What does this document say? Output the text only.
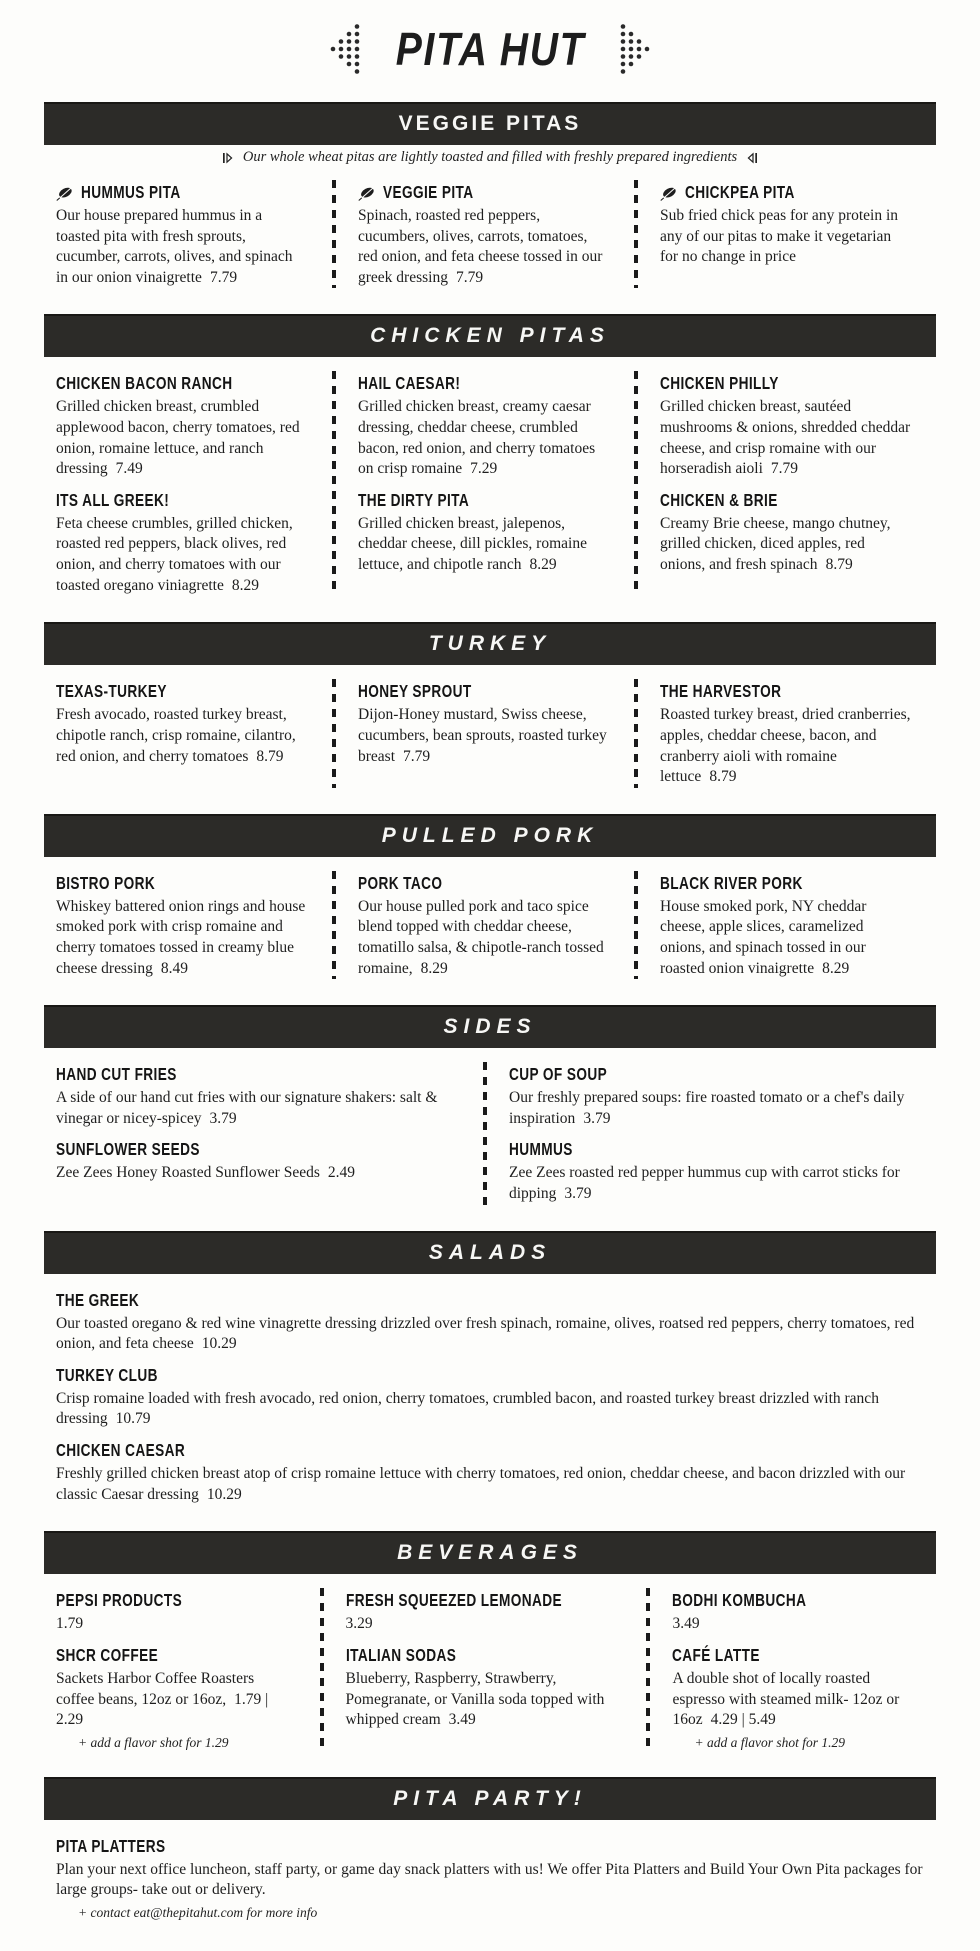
PITA HUT
VEGGIE PITAS
Our whole wheat pitas are lightly toasted and filled with freshly prepared ingredients
HUMMUS PITA

Our house prepared hummus in a toasted pita with fresh sprouts, cucumber, carrots, olives, and spinach in our onion vinaigrette 7.79

VEGGIE PITA

Spinach, roasted red peppers, cucumbers, olives, carrots, tomatoes, red onion, and feta cheese tossed in our greek dressing 7.79

CHICKPEA PITA

Sub fried chick peas for any protein in any of our pitas to make it vegetarian for no change in price

CHICKEN PITAS
CHICKEN BACON RANCH

Grilled chicken breast, crumbled applewood bacon, cherry tomatoes, red onion, romaine lettuce, and ranch dressing 7.49

ITS ALL GREEK!

Feta cheese crumbles, grilled chicken, roasted red peppers, black olives, red onion, and cherry tomatoes with our toasted oregano viniagrette 8.29

HAIL CAESAR!

Grilled chicken breast, creamy caesar dressing, cheddar cheese, crumbled bacon, red onion, and cherry tomatoes on crisp romaine 7.29

THE DIRTY PITA

Grilled chicken breast, jalepenos, cheddar cheese, dill pickles, romaine lettuce, and chipotle ranch 8.29

CHICKEN PHILLY

Grilled chicken breast, sautéed mushrooms & onions, shredded cheddar cheese, and crisp romaine with our horseradish aioli 7.79

CHICKEN & BRIE

Creamy Brie cheese, mango chutney, grilled chicken, diced apples, red onions, and fresh spinach 8.79

TURKEY
TEXAS-TURKEY

Fresh avocado, roasted turkey breast, chipotle ranch, crisp romaine, cilantro, red onion, and cherry tomatoes 8.79

HONEY SPROUT

Dijon-Honey mustard, Swiss cheese, cucumbers, bean sprouts, roasted turkey breast 7.79

THE HARVESTOR

Roasted turkey breast, dried cranberries, apples, cheddar cheese, bacon, and cranberry aioli with romaine lettuce 8.79

PULLED PORK
BISTRO PORK

Whiskey battered onion rings and house smoked pork with crisp romaine and cherry tomatoes tossed in creamy blue cheese dressing 8.49

PORK TACO

Our house pulled pork and taco spice blend topped with cheddar cheese, tomatillo salsa, & chipotle-ranch tossed romaine, 8.29

BLACK RIVER PORK

House smoked pork, NY cheddar cheese, apple slices, caramelized onions, and spinach tossed in our roasted onion vinaigrette 8.29

SIDES
HAND CUT FRIES

A side of our hand cut fries with our signature shakers: salt & vinegar or nicey-spicey 3.79

SUNFLOWER SEEDS

Zee Zees Honey Roasted Sunflower Seeds 2.49

CUP OF SOUP

Our freshly prepared soups: fire roasted tomato or a chef's daily inspiration 3.79

HUMMUS

Zee Zees roasted red pepper hummus cup with carrot sticks for dipping 3.79

SALADS
THE GREEK

Our toasted oregano & red wine vinagrette dressing drizzled over fresh spinach, romaine, olives, roatsed red peppers, cherry tomatoes, red onion, and feta cheese 10.29

TURKEY CLUB

Crisp romaine loaded with fresh avocado, red onion, cherry tomatoes, crumbled bacon, and roasted turkey breast drizzled with ranch dressing 10.79

CHICKEN CAESAR

Freshly grilled chicken breast atop of crisp romaine lettuce with cherry tomatoes, red onion, cheddar cheese, and bacon drizzled with our classic Caesar dressing 10.29

BEVERAGES
PEPSI PRODUCTS

1.79

SHCR COFFEE

Sackets Harbor Coffee Roasters coffee beans, 12oz or 16oz, 1.79 | 2.29

+ add a flavor shot for 1.29

FRESH SQUEEZED LEMONADE

3.29

ITALIAN SODAS

Blueberry, Raspberry, Strawberry, Pomegranate, or Vanilla soda topped with whipped cream 3.49

BODHI KOMBUCHA

3.49

CAFÉ LATTE

A double shot of locally roasted espresso with steamed milk- 12oz or 16oz 4.29 | 5.49

+ add a flavor shot for 1.29

PITA PARTY!
PITA PLATTERS

Plan your next office luncheon, staff party, or game day snack platters with us! We offer Pita Platters and Build Your Own Pita packages for large groups- take out or delivery.

+ contact eat@thepitahut.com for more info
